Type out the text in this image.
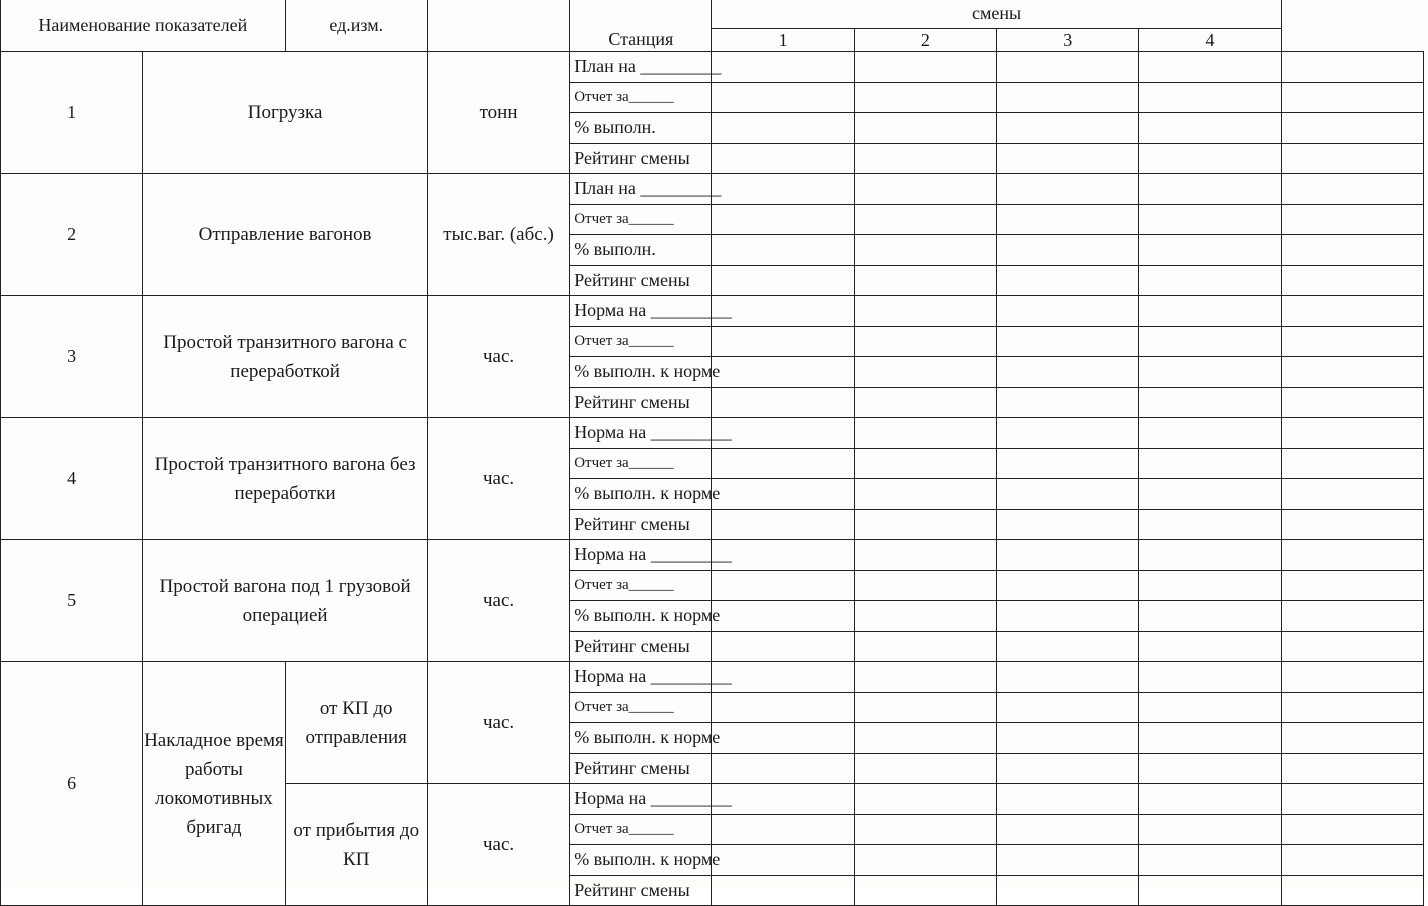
Наименование показателей		ед.изм.		Станция	смены				
					1	2	3	4	
1	Погрузка		тонн	План на _________					
				Отчет за______					
				% выполн.					
				Рейтинг смены					
2	Отправление вагонов		тыс.ваг. (абс.)	План на _________					
				Отчет за______					
				% выполн.					
				Рейтинг смены					
3	Простой транзитного вагона с переработкой		час.	Норма на _________					
				Отчет за______					
				% выполн. к норме					
				Рейтинг смены					
4	Простой транзитного вагона без переработки		час.	Норма на _________					
				Отчет за______					
				% выполн. к норме					
				Рейтинг смены					
5	Простой вагона под 1 грузовой операцией		час.	Норма на _________					
				Отчет за______					
				% выполн. к норме					
				Рейтинг смены					
6	Накладное время работы локомотивных бригад	от КП до отправления	час.	Норма на _________					
				Отчет за______					
				% выполн. к норме					
				Рейтинг смены					
		от прибытия до КП	час.	Норма на _________					
				Отчет за______					
				% выполн. к норме					
				Рейтинг смены					
